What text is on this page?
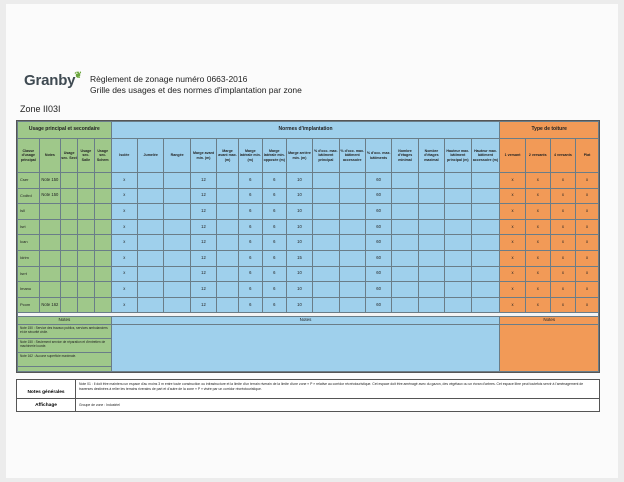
Granby❦ Règlement de zonage numéro 0663-2016
Grille des usages et des normes d'implantation par zone
Zone II03I
Usage principal et secondaire					Normes d'implantation															Type de toiture			
Classe d'usage principal	Notes	Usage sec. Sect	Usage sec. Salle	Usage sec. Schem	Isolée	Jumelée	Rangée	Marge avant min. (m)	Marge avant max. (m)	Marge latérale min. (m)	Marge latérale min. opposée (m)	Marge arrière min. (m)	% d'occ. max. bâtiment principal	% d'occ. max. bâtiment accessoire	% d'occ. max. bâtiments	Nombre d'étages minimal	Nombre d'étages maximal	Hauteur max. bâtiment principal (m)	Hauteur max. bâtiment accessoire (m)	1 versant	2 versants	4 versants	Plat
Cser	Note 150				x			12		6	6	10			60					x	x	x	x
Cxdtrd	Note 150				x			12		6	6	10			60					x	x	x	x
Isll					x			12		6	6	10			60					x	x	x	x
Isrt					x			12		6	6	10			60					x	x	x	x
Ican					x			12		6	6	10			60					x	x	x	x
Idrim					x			12		6	6	15			60					x	x	x	x
Isrrt					x			12		6	6	10			60					x	x	x	x
Imanu					x			12		6	6	10			60					x	x	x	x
Pcom	Note 162				x			12		6	6	10			60					x	x	x	x

Notes					Notes															Notes			

Note 150 : Service des travaux publics, services ambulanciers et de sécurité civile.
Note 150 : Seulement service de réparation et d'entretien de machinerie lourde.
Note 162 : Aucune superficie maximale.																							

Notes générales
Note 01 : Il doit être maintenu un espace d'au moins 3 m entre toute construction ou infrastructure et la limite d'un terrain riverain de la limite d'une zone « P » relative au corridor récréotouristique. Cet espace doit être aménagé avec du gazon, des végétaux ou un écran d'arbres. Cet espace libre peut toutefois servir à l'aménagement de traverses destinées à relier les terrains riverains de part et d'autre de la zone « P » visée par un corridor récréotouristique.
Affichage	Groupe de zone : Industriel
